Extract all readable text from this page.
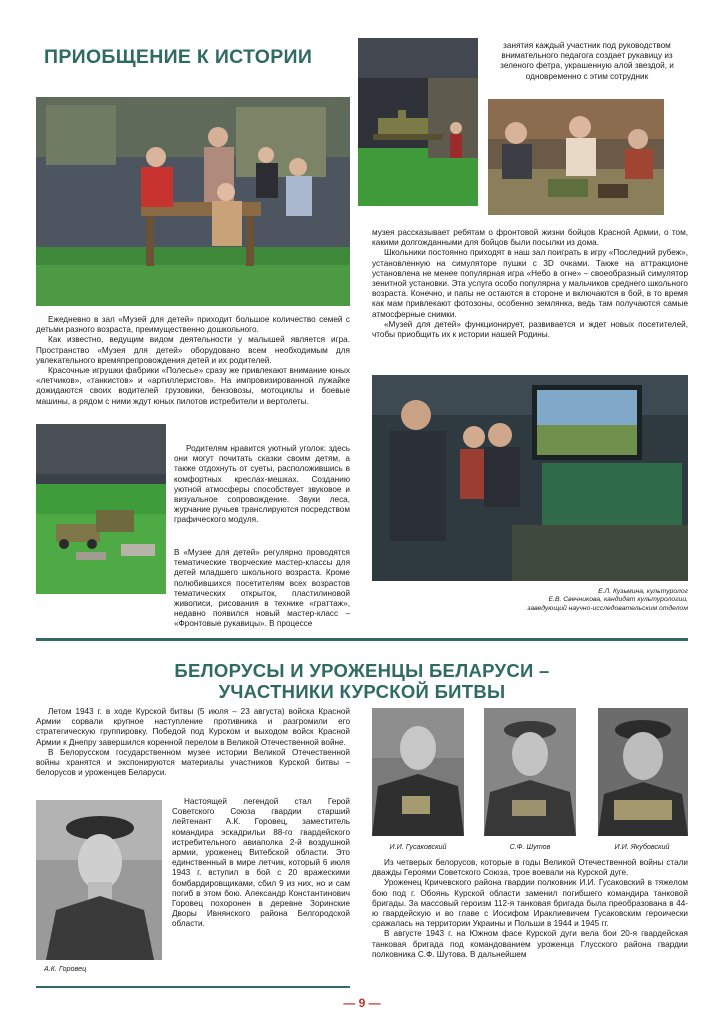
ПРИОБЩЕНИЕ К ИСТОРИИ

Ежедневно в зал «Музей для детей» приходит большое количество семей с детьми разного возраста, преимущественно дошкольного.

Как известно, ведущим видом деятельности у малышей является игра. Пространство «Музея для детей» оборудовано всем необходимым для увлекательного времяпрепровождения детей и их родителей.

Красочные игрушки фабрики «Полесье» сразу же привлекают внимание юных «летчиков», «танкистов» и «артиллеристов». На импровизированной лужайке дожидаются своих водителей грузовики, бензовозы, мотоциклы и боевые машины, а рядом с ними ждут юных пилотов истребители и вертолеты.

Родителям нравится уютный уголок: здесь они могут почитать сказки своим детям, а также отдохнуть от суеты, расположившись в комфортных креслах-мешках. Созданию уютной атмосферы способствует звуковое и визуальное сопровождение. Звуки леса, журчание ручьев транслируются посредством графического модуля.

В «Музее для детей» регулярно проводятся тематические творческие мастер-классы для детей младшего школьного возраста. Кроме полюбившихся посетителям всех возрастов тематических открыток, пластилиновой живописи, рисования в технике «граттаж», недавно появился новый мастер-класс – «Фронтовые рукавицы». В процессе

занятия каждый участник под руководством внимательного педагога создает рукавицу из зеленого фетра, украшенную алой звездой, и одновременно с этим сотрудник

музея рассказывает ребятам о фронтовой жизни бойцов Красной Армии, о том, какими долгожданными для бойцов были посылки из дома.

Школьники постоянно приходят в наш зал поиграть в игру «Последний рубеж», установленную на симуляторе пушки с 3D очками. Также на аттракционе установлена не менее популярная игра «Небо в огне» – своеобразный симулятор зенитной установки. Эта услуга особо популярна у мальчиков среднего школьного возраста. Конечно, и папы не остаются в стороне и включаются в бой, в то время как мам привлекают фотозоны, особенно землянка, ведь там получаются самые атмосферные снимки.

«Музей для детей» функционирует, развивается и ждет новых посетителей, чтобы приобщить их к истории нашей Родины.

Е.Л. Кузьмина, культуролог
Е.В. Свечникова, кандидат культурологии,
заведующий научно-исследовательским отделом
БЕЛОРУСЫ И УРОЖЕНЦЫ БЕЛАРУСИ –
УЧАСТНИКИ КУРСКОЙ БИТВЫ

Летом 1943 г. в ходе Курской битвы (5 июля – 23 августа) войска Красной Армии сорвали крупное наступление противника и разгромили его стратегическую группировку. Победой под Курском и выходом войск Красной Армии к Днепру завершился коренной перелом в Великой Отечественной войне.

В Белорусском государственном музее истории Великой Отечественной войны хранятся и экспонируются материалы участников Курской битвы – белорусов и уроженцев Беларуси.

А.К. Горовец

Настоящей легендой стал Герой Советского Союза гвардии старший лейтенант А.К. Горовец, заместитель командира эскадрильи 88-го гвардейского истребительного авиаполка 2-й воздушной армии, уроженец Витебской области. Это единственный в мире летчик, который 6 июля 1943 г. вступил в бой с 20 вражескими бомбардировщиками, сбил 9 из них, но и сам погиб в этом бою. Александр Константинович Горовец похоронен в деревне Зоринские Дворы Ивнянского района Белгородской области.

И.И. Гусаковский	С.Ф. Шутов	И.И. Якубовский

Из четверых белорусов, которые в годы Великой Отечественной войны стали дважды Героями Советского Союза, трое воевали на Курской дуге.

Уроженец Кричевского района гвардии полковник И.И. Гусаковский в тяжелом бою под г. Обоянь Курской области заменил погибшего командира танковой бригады. За массовый героизм 112-я танковая бригада была преобразована в 44-ю гвардейскую и во главе с Иосифом Ираклиевичем Гусаковским героически сражалась на территории Украины и Польши в 1944 и 1945 гг.

В августе 1943 г. на Южном фасе Курской дуги вела бои 20-я гвардейская танковая бригада под командованием уроженца Глусского района гвардии полковника С.Ф. Шутова. В дальнейшем

— 9 —
